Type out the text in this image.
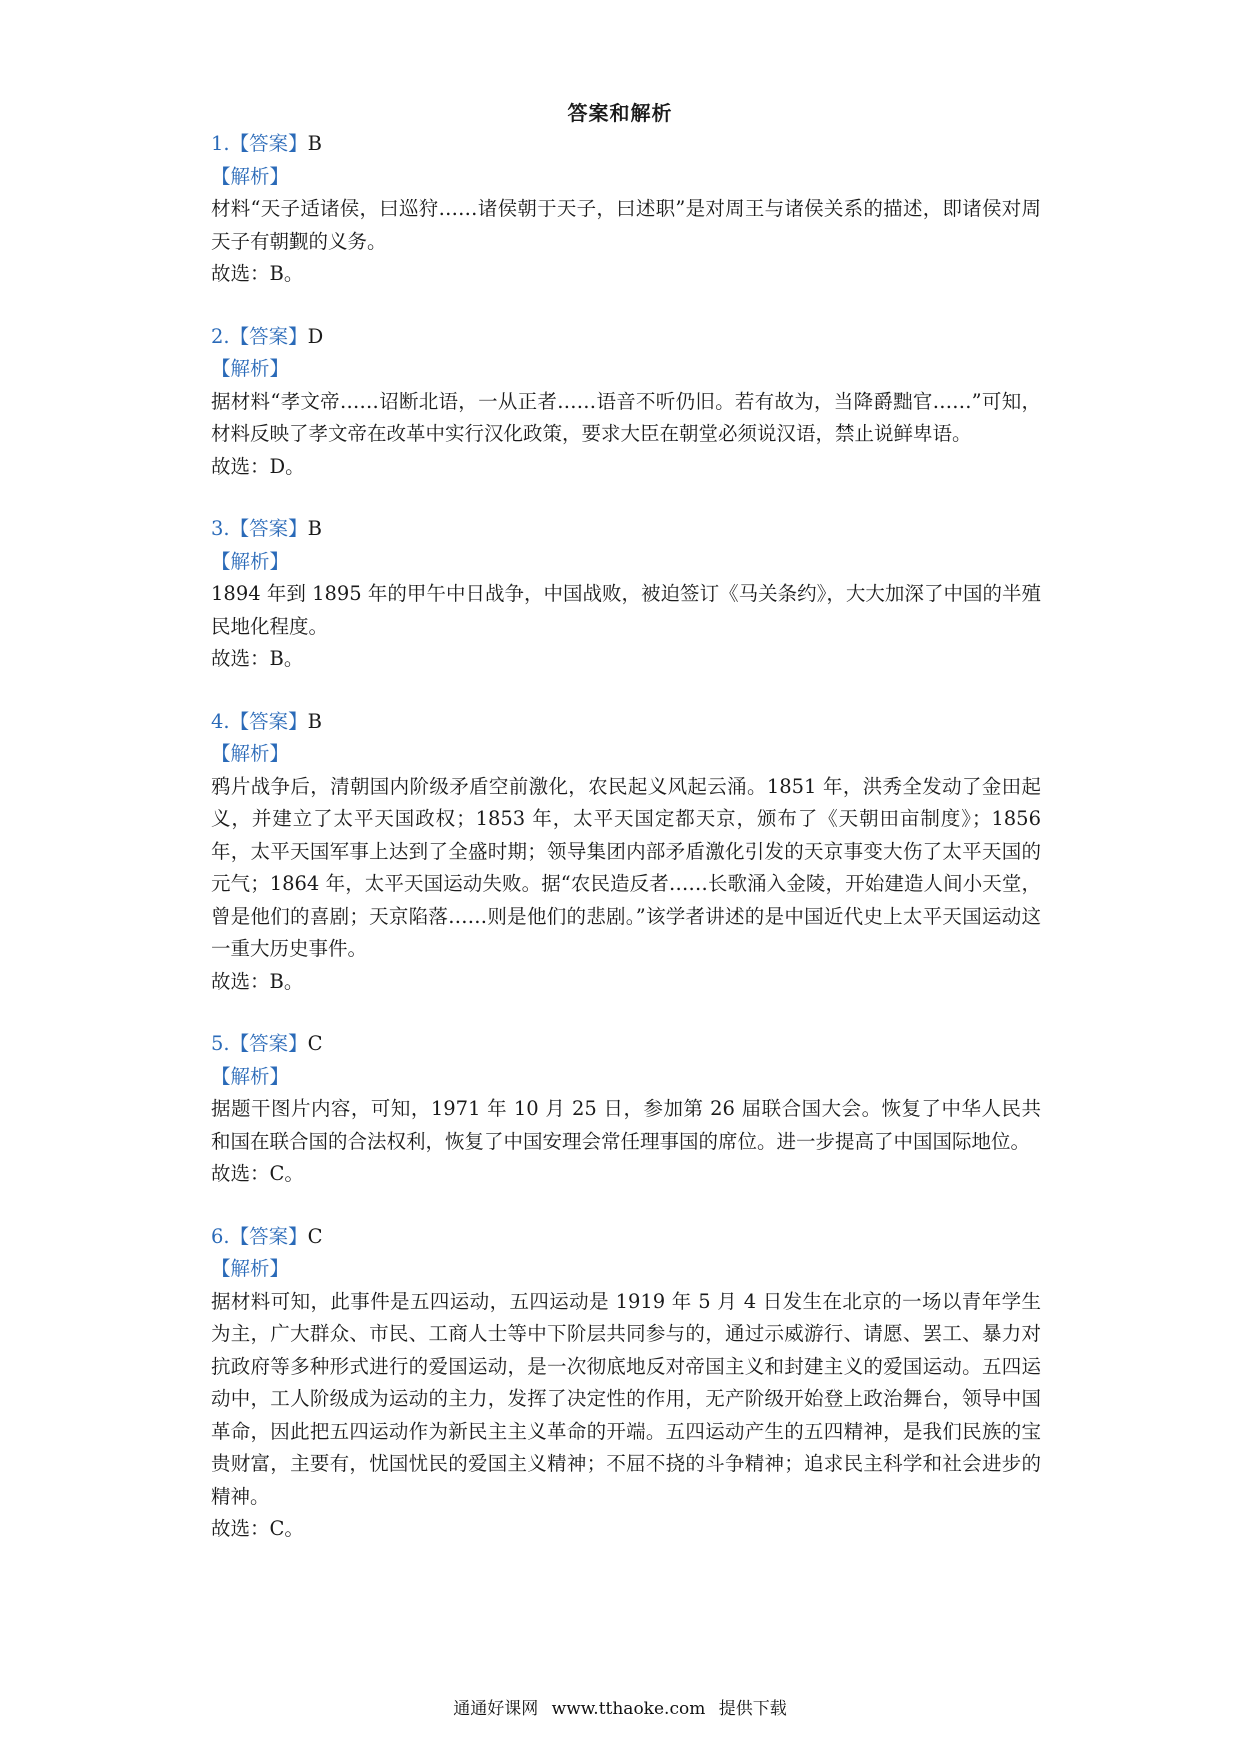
答案和解析
1.【答案】B
【解析】
材料“天子适诸侯，曰巡狩……诸侯朝于天子，曰述职”是对周王与诸侯关系的描述，即诸侯对周天子有朝觐的义务。
故选：B。
2.【答案】D
【解析】
据材料“孝文帝……诏断北语，一从正者……语音不听仍旧。若有故为，当降爵黜官……”可知，材料反映了孝文帝在改革中实行汉化政策，要求大臣在朝堂必须说汉语，禁止说鲜卑语。
故选：D。
3.【答案】B
【解析】
1894 年到 1895 年的甲午中日战争，中国战败，被迫签订《马关条约》，大大加深了中国的半殖民地化程度。
故选：B。
4.【答案】B
【解析】
鸦片战争后，清朝国内阶级矛盾空前激化，农民起义风起云涌。1851 年，洪秀全发动了金田起义，并建立了太平天国政权；1853 年，太平天国定都天京，颁布了《天朝田亩制度》；1856 年，太平天国军事上达到了全盛时期；领导集团内部矛盾激化引发的天京事变大伤了太平天国的元气；1864 年，太平天国运动失败。据“农民造反者……长歌涌入金陵，开始建造人间小天堂，曾是他们的喜剧；天京陷落……则是他们的悲剧。”该学者讲述的是中国近代史上太平天国运动这一重大历史事件。
故选：B。
5.【答案】C
【解析】
据题干图片内容，可知，1971 年 10 月 25 日，参加第 26 届联合国大会。恢复了中华人民共和国在联合国的合法权利，恢复了中国安理会常任理事国的席位。进一步提高了中国国际地位。
故选：C。
6.【答案】C
【解析】
据材料可知，此事件是五四运动，五四运动是 1919 年 5 月 4 日发生在北京的一场以青年学生为主，广大群众、市民、工商人士等中下阶层共同参与的，通过示威游行、请愿、罢工、暴力对抗政府等多种形式进行的爱国运动，是一次彻底地反对帝国主义和封建主义的爱国运动。五四运动中，工人阶级成为运动的主力，发挥了决定性的作用，无产阶级开始登上政治舞台，领导中国革命，因此把五四运动作为新民主主义革命的开端。五四运动产生的五四精神，是我们民族的宝贵财富，主要有，忧国忧民的爱国主义精神；不屈不挠的斗争精神；追求民主科学和社会进步的精神。
故选：C。
通通好课网 www.tthaoke.com 提供下载
